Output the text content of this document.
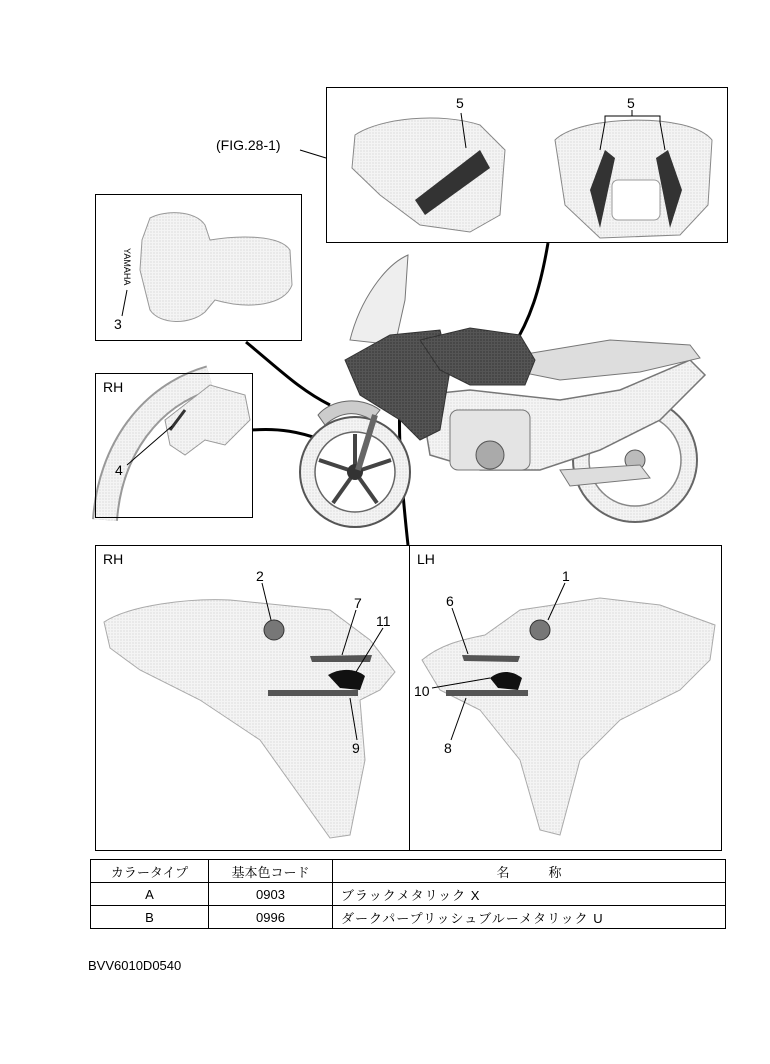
(FIG.28-1)
5	5
3
YAMAHA
RH
4
RH
2
7
11
9
LH
1
6
10
8
カラータイプ	基本色コード	名　　　称
A	0903	ブラックメタリック X
B	0996	ダークパープリッシュブルーメタリック U
BVV6010D0540
